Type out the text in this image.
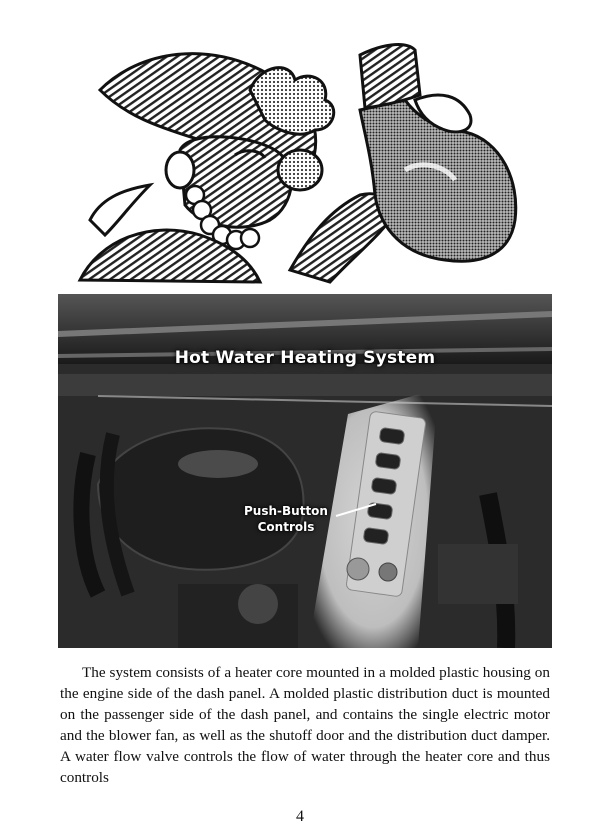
Hot Water Heating System
Push-Button
Controls

The system consists of a heater core mounted in a molded plastic housing on the engine side of the dash panel. A molded plastic distribution duct is mounted on the passenger side of the dash panel, and contains the single electric motor and the blower fan, as well as the shutoff door and the distribution duct damper. A water flow valve controls the flow of water through the heater core and thus controls

4
